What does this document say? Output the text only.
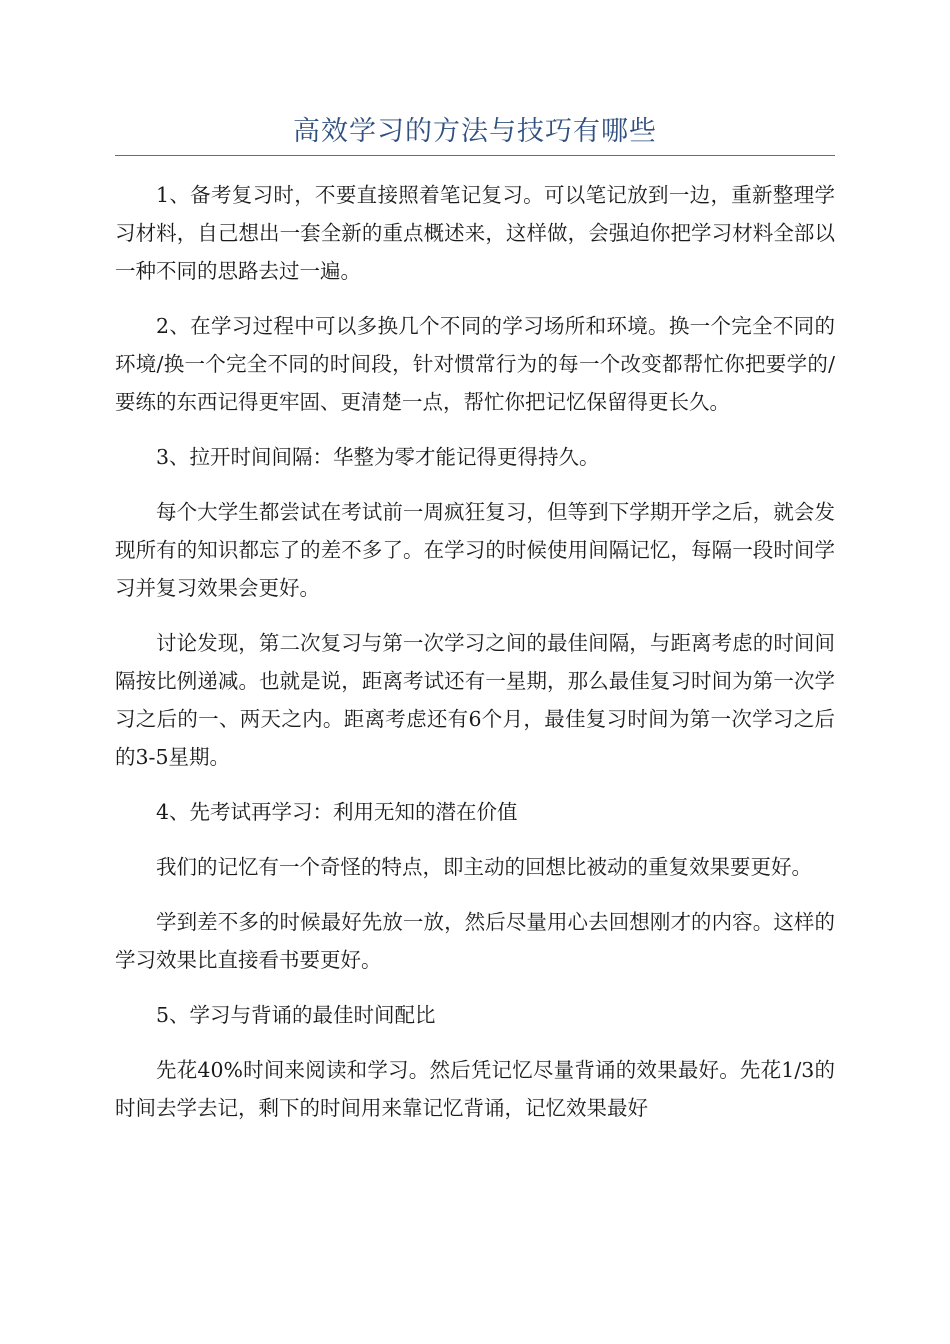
高效学习的方法与技巧有哪些

1、备考复习时，不要直接照着笔记复习。可以笔记放到一边，重新整理学习材料，自己想出一套全新的重点概述来，这样做，会强迫你把学习材料全部以一种不同的思路去过一遍。

2、在学习过程中可以多换几个不同的学习场所和环境。换一个完全不同的环境/换一个完全不同的时间段，针对惯常行为的每一个改变都帮忙你把要学的/要练的东西记得更牢固、更清楚一点，帮忙你把记忆保留得更长久。

3、拉开时间间隔：华整为零才能记得更得持久。

每个大学生都尝试在考试前一周疯狂复习，但等到下学期开学之后，就会发现所有的知识都忘了的差不多了。在学习的时候使用间隔记忆，每隔一段时间学习并复习效果会更好。

讨论发现，第二次复习与第一次学习之间的最佳间隔，与距离考虑的时间间隔按比例递减。也就是说，距离考试还有一星期，那么最佳复习时间为第一次学习之后的一、两天之内。距离考虑还有6个月，最佳复习时间为第一次学习之后的3-5星期。

4、先考试再学习：利用无知的潜在价值

我们的记忆有一个奇怪的特点，即主动的回想比被动的重复效果要更好。

学到差不多的时候最好先放一放，然后尽量用心去回想刚才的内容。这样的学习效果比直接看书要更好。

5、学习与背诵的最佳时间配比

先花40%时间来阅读和学习。然后凭记忆尽量背诵的效果最好。先花1/3的时间去学去记，剩下的时间用来靠记忆背诵，记忆效果最好
